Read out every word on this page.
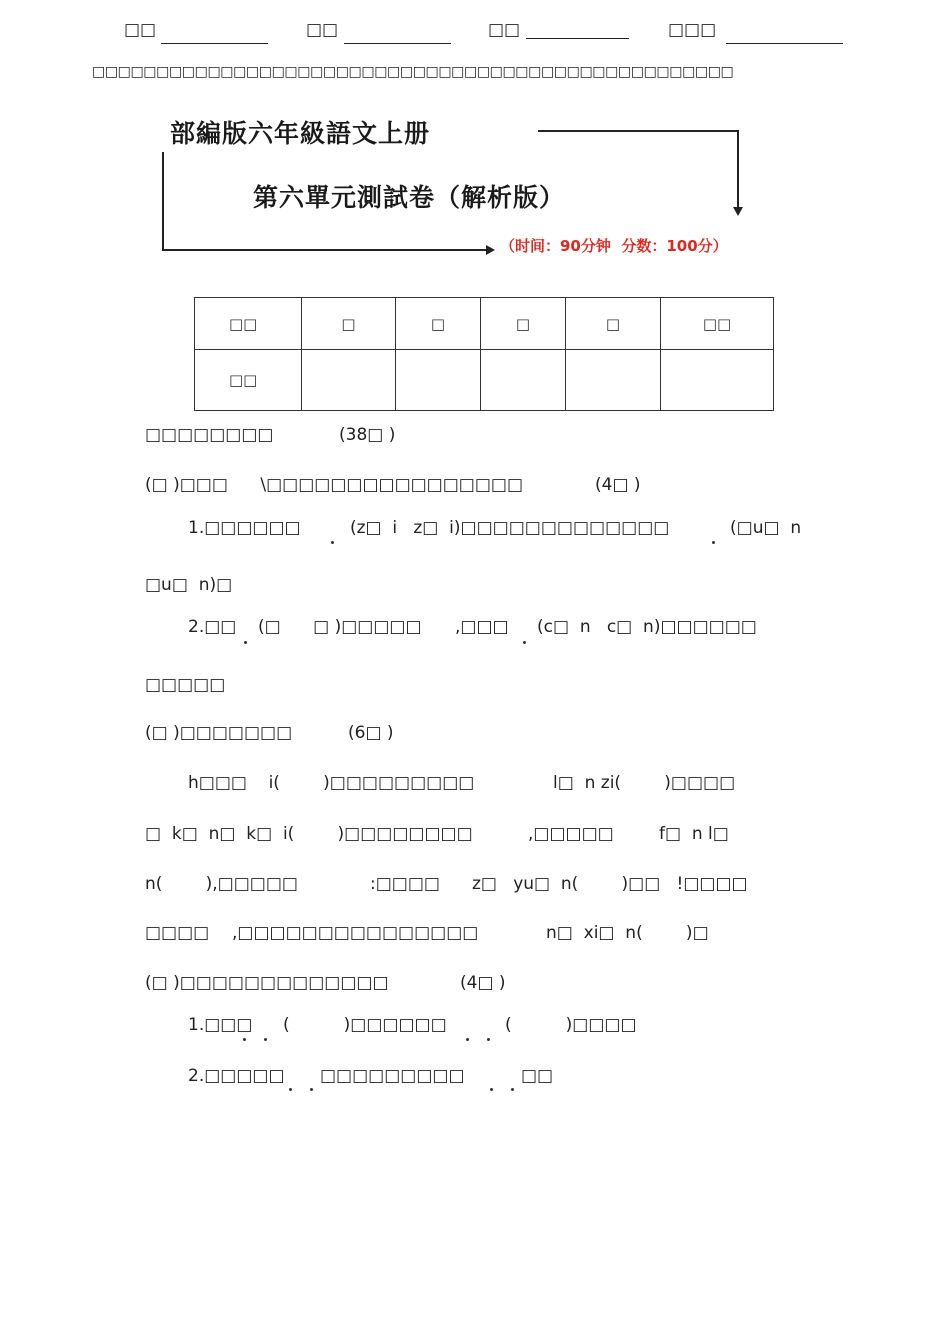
□□	□□	□□	□□□
□□□□□□□□□□□□□□□□□□□□□□□□□□□□□□□□□□□□□□□□□□□□□□□□□□
部編版六年級語文上册
第六單元測試卷（解析版）
（时间：90分钟  分数：100分）
□□	□	□	□	□	□□
□□					
□□□□□□□□	(38□ )
(□ )□□□      \□□□□□□□□□□□□□□□□	(4□ )
1.□□□□□□	(z□  i   z□  i)□□□□□□□□□□□□□	(□u□  n
□u□  n)□
2.□□ (□      □ )□□□□□ ,□□□ (c□  n   c□  n)□□□□□□
□□□□□
(□ )□□□□□□□	(6□ )
h□□□    i(        )□□□□□□□□□	l□  n zi(        )□□□□
□  k□  n□  k□  i(        )□□□□□□□□	,□□□□□	f□  n l□
n(        ),□□□□□	:□□□□ z□   yu□  n(        )□□   !□□□□
□□□□ ,□□□□□□□□□□□□□□□	n□  xi□  n(        )□
(□ )□□□□□□□□□□□□□	(4□ )
1.□□□ (          )□□□□□□	(          )□□□□
2.□□□□□ □□□□□□□□□	□□
